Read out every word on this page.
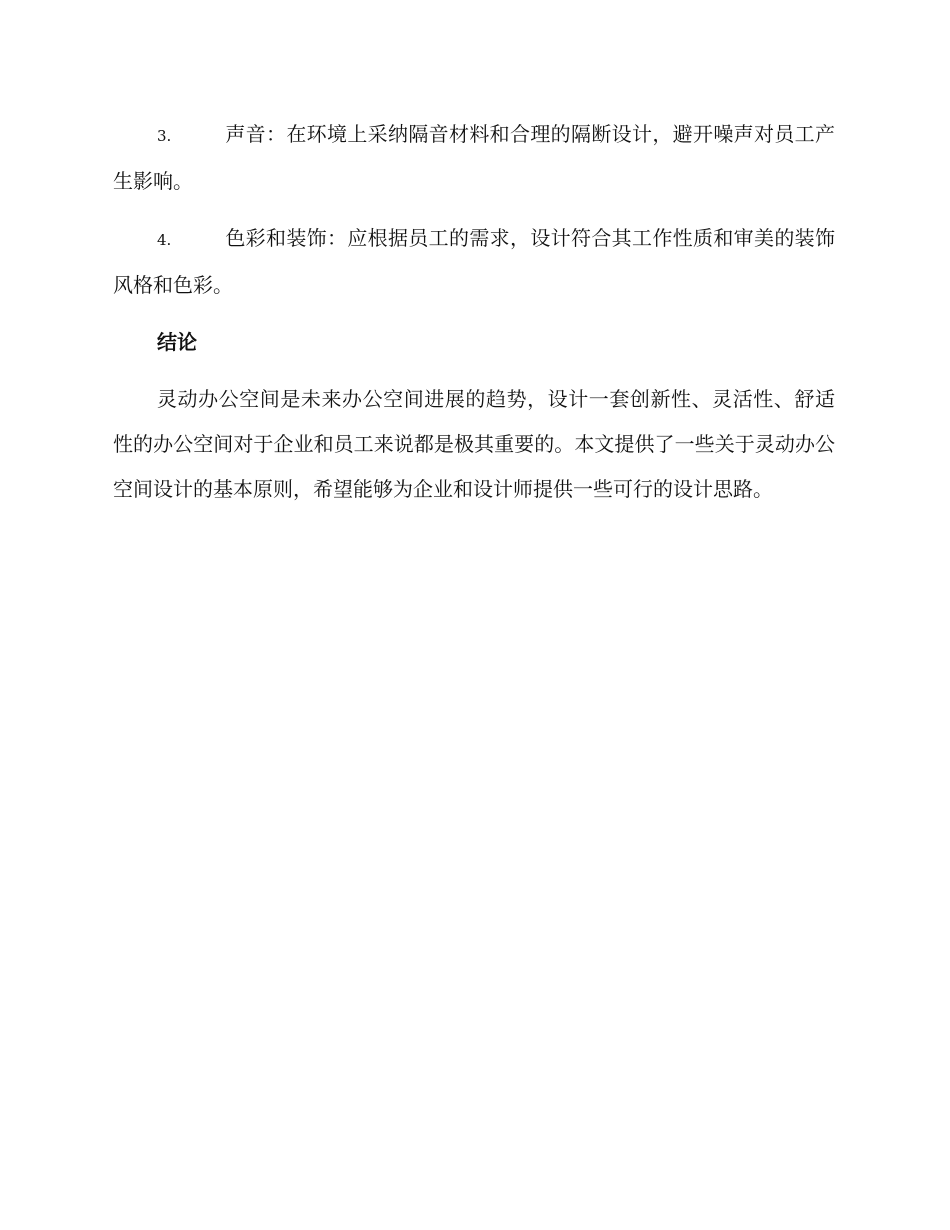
3.	声音：在环境上采纳隔音材料和合理的隔断设计，避开噪声对员工产生影响。
4.	色彩和装饰：应根据员工的需求，设计符合其工作性质和审美的装饰风格和色彩。
结论

灵动办公空间是未来办公空间进展的趋势，设计一套创新性、灵活性、舒适性的办公空间对于企业和员工来说都是极其重要的。本文提供了一些关于灵动办公空间设计的基本原则，希望能够为企业和设计师提供一些可行的设计思路。
